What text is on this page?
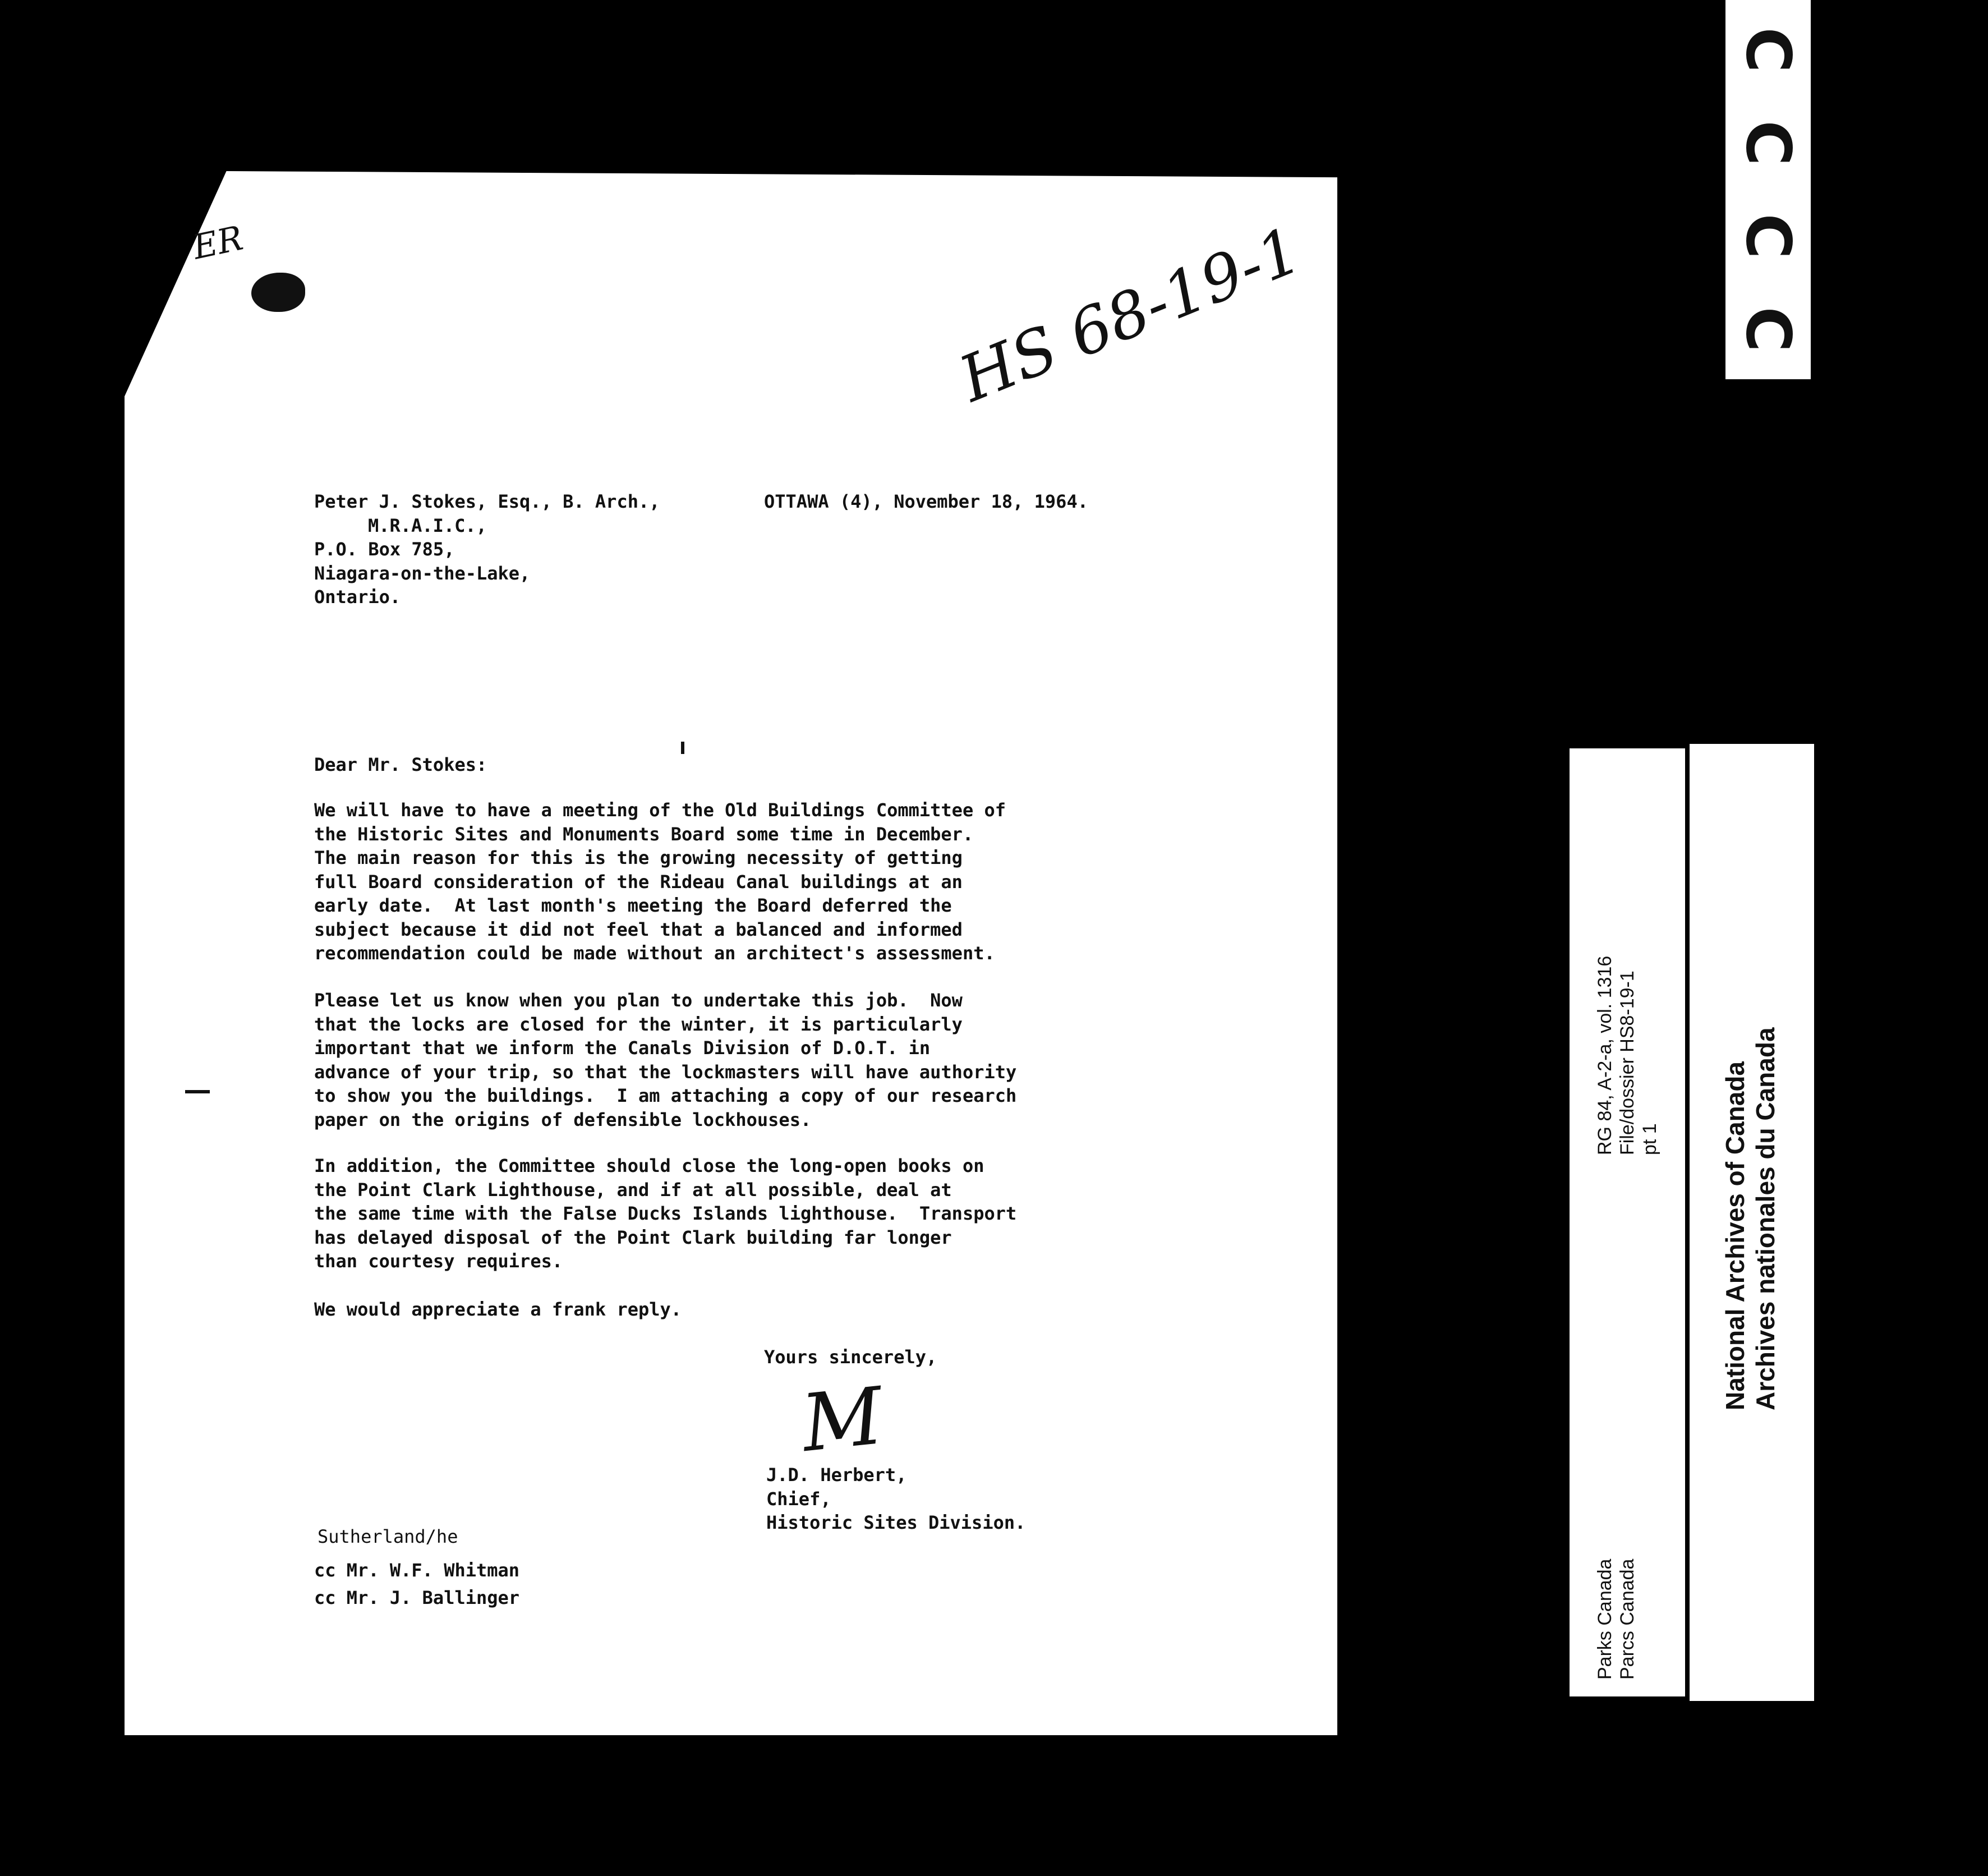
ER	HS 68-19-1
Peter J. Stokes, Esq., B. Arch.,
M.R.A.I.C.,
P.O. Box 785,
Niagara-on-the-Lake,
Ontario.
OTTAWA (4), November 18, 1964.
Dear Mr. Stokes:
We will have to have a meeting of the Old Buildings Committee of
the Historic Sites and Monuments Board some time in December.
The main reason for this is the growing necessity of getting
full Board consideration of the Rideau Canal buildings at an
early date.  At last month's meeting the Board deferred the
subject because it did not feel that a balanced and informed
recommendation could be made without an architect's assessment.
Please let us know when you plan to undertake this job.  Now
that the locks are closed for the winter, it is particularly
important that we inform the Canals Division of D.O.T. in
advance of your trip, so that the lockmasters will have authority
to show you the buildings.  I am attaching a copy of our research
paper on the origins of defensible lockhouses.
In addition, the Committee should close the long-open books on
the Point Clark Lighthouse, and if at all possible, deal at
the same time with the False Ducks Islands lighthouse.  Transport
has delayed disposal of the Point Clark building far longer
than courtesy requires.
We would appreciate a frank reply.
Yours sincerely,
M
J.D. Herbert,
Chief,
Historic Sites Division.
Sutherland/he
cc Mr. W.F. Whitman
cc Mr. J. Ballinger
C
C
C
C
RG 84, A-2-a, vol. 1316 File/dossier HS8-19-1 pt 1
Parks Canada Parcs Canada
National Archives of Canada Archives nationales du Canada
